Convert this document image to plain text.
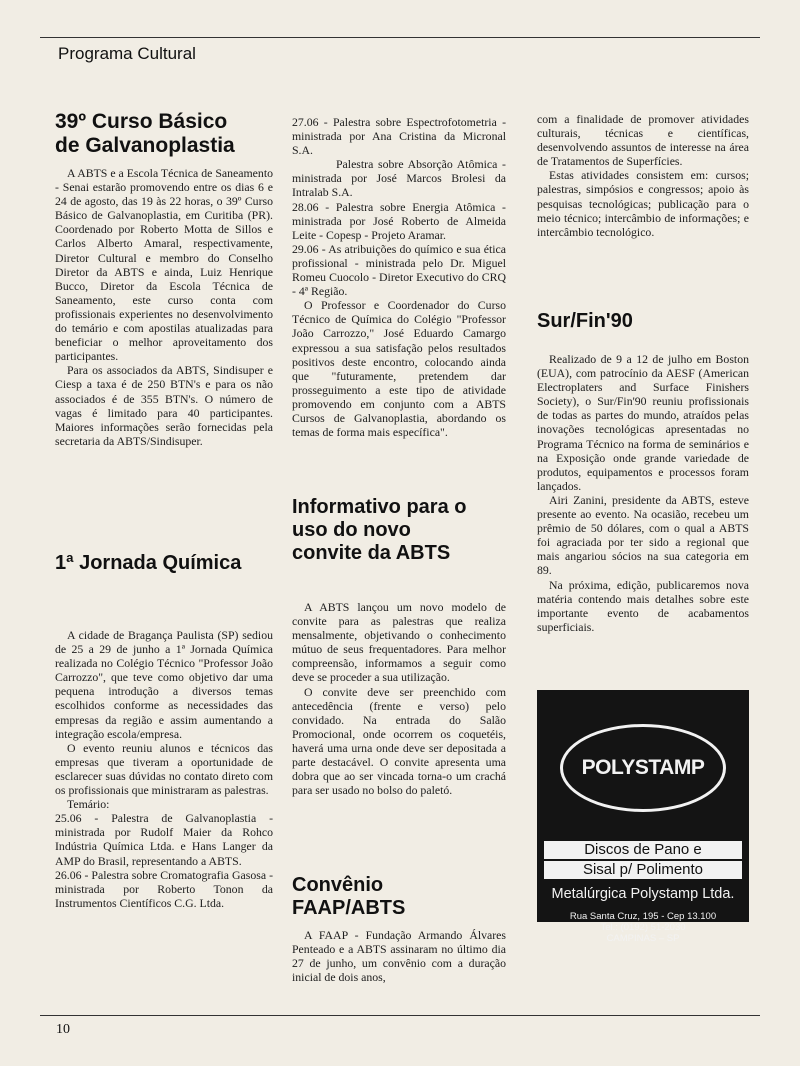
Programa Cultural
39º Curso Básico
de Galvanoplastia

A ABTS e a Escola Técnica de Saneamento - Senai estarão promovendo entre os dias 6 e 24 de agosto, das 19 às 22 horas, o 39º Curso Básico de Galvanoplastia, em Curitiba (PR). Coordenado por Roberto Motta de Sillos e Carlos Alberto Amaral, respectivamente, Diretor Cultural e membro do Conselho Diretor da ABTS e ainda, Luiz Henrique Bucco, Diretor da Escola Técnica de Saneamento, este curso conta com profissionais experientes no desenvolvimento do temário e com apostilas atualizadas para beneficiar o melhor aproveitamento dos participantes.

Para os associados da ABTS, Sindisuper e Ciesp a taxa é de 250 BTN's e para os não associados é de 355 BTN's. O número de vagas é limitado para 40 participantes. Maiores informações serão fornecidas pela secretaria da ABTS/Sindisuper.

1ª Jornada Química

A cidade de Bragança Paulista (SP) sediou de 25 a 29 de junho a 1ª Jornada Química realizada no Colégio Técnico "Professor João Carrozzo", que teve como objetivo dar uma pequena introdução a diversos temas escolhidos conforme as necessidades das empresas da região e assim aumentando a integração escola/empresa.

O evento reuniu alunos e técnicos das empresas que tiveram a oportunidade de esclarecer suas dúvidas no contato direto com os profissionais que ministraram as palestras.

Temário:

25.06 - Palestra de Galvanoplastia - ministrada por Rudolf Maier da Rohco Indústria Química Ltda. e Hans Langer da AMP do Brasil, representando a ABTS.

26.06 - Palestra sobre Cromatografia Gasosa - ministrada por Roberto Tonon da Instrumentos Científicos C.G. Ltda.

27.06 - Palestra sobre Espectrofotometria - ministrada por Ana Cristina da Micronal S.A.

Palestra sobre Absorção Atômica - ministrada por José Marcos Brolesi da Intralab S.A.

28.06 - Palestra sobre Energia Atômica - ministrada por José Roberto de Almeida Leite - Copesp - Projeto Aramar.

29.06 - As atribuições do químico e sua ética profissional - ministrada pelo Dr. Miguel Romeu Cuocolo - Diretor Executivo do CRQ - 4ª Região.

O Professor e Coordenador do Curso Técnico de Química do Colégio "Professor João Carrozzo," José Eduardo Camargo expressou a sua satisfação pelos resultados positivos deste encontro, colocando ainda que "futuramente, pretendem dar prosseguimento a este tipo de atividade promovendo em conjunto com a ABTS Cursos de Galvanoplastia, abordando os temas de forma mais específica".

Informativo para o
uso do novo
convite da ABTS

A ABTS lançou um novo modelo de convite para as palestras que realiza mensalmente, objetivando o conhecimento mútuo de seus frequentadores. Para melhor compreensão, informamos a seguir como deve se proceder a sua utilização.

O convite deve ser preenchido com antecedência (frente e verso) pelo convidado. Na entrada do Salão Promocional, onde ocorrem os coquetéis, haverá uma urna onde deve ser depositada a parte destacável. O convite apresenta uma dobra que ao ser vincada torna-o um crachá para ser usado no bolso do paletó.

Convênio
FAAP/ABTS

A FAAP - Fundação Armando Álvares Penteado e a ABTS assinaram no último dia 27 de junho, um convênio com a duração inicial de dois anos,

com a finalidade de promover atividades culturais, técnicas e científicas, desenvolvendo assuntos de interesse na área de Tratamentos de Superfícies.

Estas atividades consistem em: cursos; palestras, simpósios e congressos; apoio às pesquisas tecnológicas; publicação para o meio técnico; intercâmbio de informações; e intercâmbio tecnológico.

Sur/Fin'90

Realizado de 9 a 12 de julho em Boston (EUA), com patrocínio da AESF (American Electroplaters and Surface Finishers Society), o Sur/Fin'90 reuniu profissionais de todas as partes do mundo, atraídos pelas inovações tecnológicas apresentadas no Programa Técnico na forma de seminários e na Exposição onde grande variedade de produtos, equipamentos e processos foram lançados.

Airi Zanini, presidente da ABTS, esteve presente ao evento. Na ocasião, recebeu um prêmio de 50 dólares, com o qual a ABTS foi agraciada por ter sido a regional que mais angariou sócios na sua categoria em 89.

Na próxima, edição, publicaremos nova matéria contendo mais detalhes sobre este importante evento de acabamentos superficiais.

POLYSTAMP
Discos de Pano e
Sisal p/ Polimento
Metalúrgica Polystamp Ltda.
Rua Santa Cruz, 195 - Cep 13.100
Tel.: (0192) 51-2030
CAMPINAS – SP
10
